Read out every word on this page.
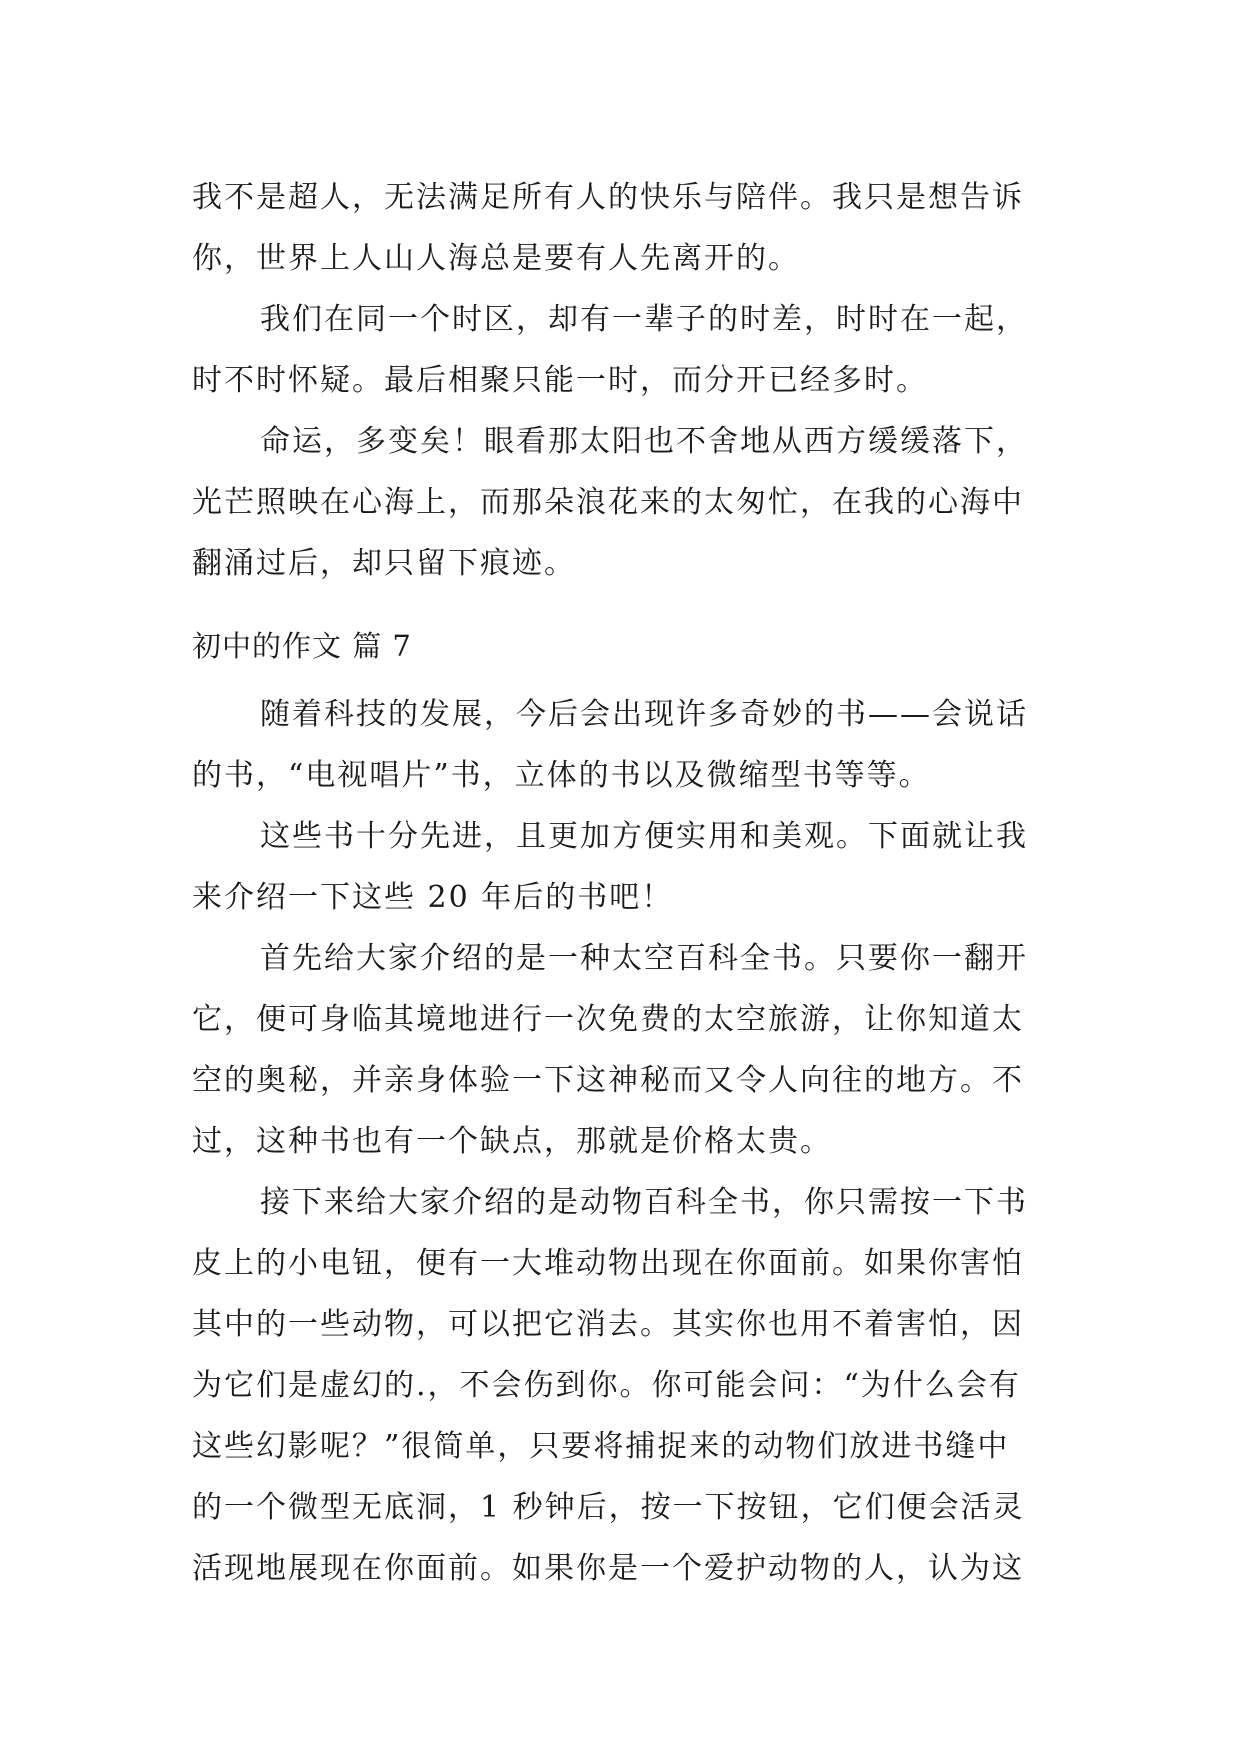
我不是超人，无法满足所有人的快乐与陪伴。我只是想告诉
你，世界上人山人海总是要有人先离开的。
我们在同一个时区，却有一辈子的时差，时时在一起，
时不时怀疑。最后相聚只能一时，而分开已经多时。
命运，多变矣！眼看那太阳也不舍地从西方缓缓落下，
光芒照映在心海上，而那朵浪花来的太匆忙，在我的心海中
翻涌过后，却只留下痕迹。
初中的作文 篇 7
随着科技的发展，今后会出现许多奇妙的书——会说话
的书，“电视唱片”书，立体的书以及微缩型书等等。
这些书十分先进，且更加方便实用和美观。下面就让我
来介绍一下这些 20 年后的书吧！
首先给大家介绍的是一种太空百科全书。只要你一翻开
它，便可身临其境地进行一次免费的太空旅游，让你知道太
空的奥秘，并亲身体验一下这神秘而又令人向往的地方。不
过，这种书也有一个缺点，那就是价格太贵。
接下来给大家介绍的是动物百科全书，你只需按一下书
皮上的小电钮，便有一大堆动物出现在你面前。如果你害怕
其中的一些动物，可以把它消去。其实你也用不着害怕，因
为它们是虚幻的.，不会伤到你。你可能会问：“为什么会有
这些幻影呢？”很简单，只要将捕捉来的动物们放进书缝中
的一个微型无底洞，1 秒钟后，按一下按钮，它们便会活灵
活现地展现在你面前。如果你是一个爱护动物的人，认为这
